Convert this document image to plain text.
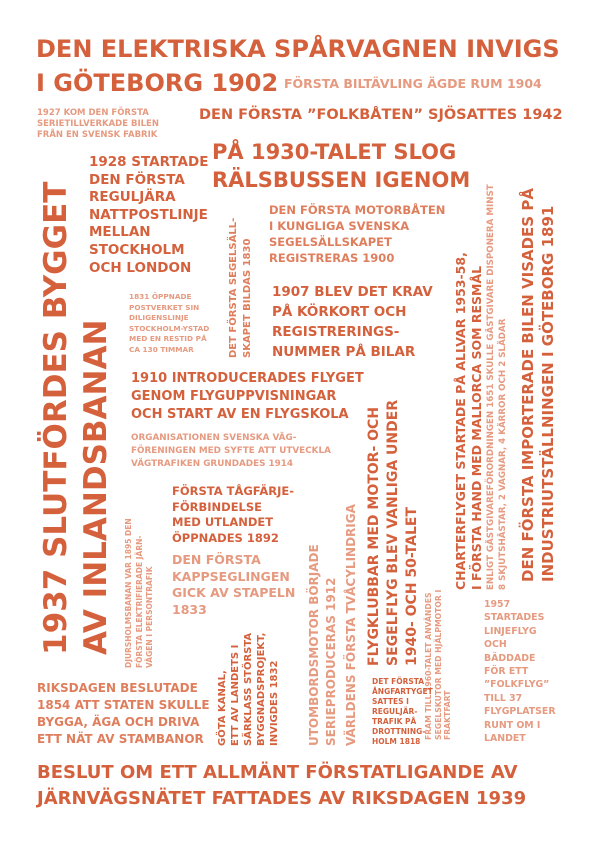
DEN ELEKTRISKA SPÅRVAGNEN INVIGS
I GÖTEBORG 1902 FÖRSTA BILTÄVLING ÄGDE RUM 1904

1927 KOM DEN FÖRSTA
SERIETILLVERKADE BILEN
FRÅN EN SVENSK FABRIK

DEN FÖRSTA ”FOLKBÅTEN” SJÖSATTES 1942

PÅ 1930-TALET SLOG
RÄLSBUSSEN IGENOM

1928 STARTADE
DEN FÖRSTA
REGULJÄRA
NATTPOSTLINJE
MELLAN
STOCKHOLM
OCH LONDON

DEN FÖRSTA MOTORBÅTEN
I KUNGLIGA SVENSKA
SEGELSÄLLSKAPET
REGISTRERAS 1900

1831 ÖPPNADE
POSTVERKET SIN
DILIGENSLINJE
STOCKHOLM-YSTAD
MED EN RESTID PÅ
CA 130 TIMMAR

1907 BLEV DET KRAV
PÅ KÖRKORT OCH
REGISTRERINGS-
NUMMER PÅ BILAR

1910 INTRODUCERADES FLYGET
GENOM FLYGUPPVISNINGAR
OCH START AV EN FLYGSKOLA

ORGANISATIONEN SVENSKA VÄG-
FÖRENINGEN MED SYFTE ATT UTVECKLA
VÄGTRAFIKEN GRUNDADES 1914

FÖRSTA TÅGFÄRJE-
FÖRBINDELSE
MED UTLANDET
ÖPPNADES 1892

DEN FÖRSTA
KAPPSEGLINGEN
GICK AV STAPELN
1833	1957
STARTADES
LINJEFLYG
OCH
BÄDDADE
FÖR ETT
”FOLKFLYG”
TILL 37
FLYGPLATSER
RUNT OM I
LANDET

RIKSDAGEN BESLUTADE
1854 ATT STATEN SKULLE
BYGGA, ÄGA OCH DRIVA
ETT NÄT AV STAMBANOR

BESLUT OM ETT ALLMÄNT FÖRSTATLIGANDE AV
JÄRNVÄGSNÄTET FATTADES AV RIKSDAGEN 1939

1937 SLUTFÖRDES BYGGET
AV INLANDSBANAN	DET FÖRSTA SEGELSÄLL-
SKAPET BILDAS 1830
DJURSHOLMSBANAN VAR 1895 DEN
FÖRSTA ELEKTRIFIERADE JÄRN-
VÄGEN I PERSONTRAFIK
GÖTA KANAL,
ETT AV LANDETS I
SÄRKLASS STÖRSTA
BYGGNADSPROJEKT,
INVIGDES 1832 UTOMBORDSMOTOR BÖRJADE
SERIEPRODUCERAS 1912 VÄRLDENS FÖRSTA TVÅCYLINDRIGA FLYGKLUBBAR MED MOTOR- OCH
SEGELFLYG BLEV VANLIGA UNDER
1940- OCH 50-TALET
FRAM TILL 1960-TALET ANVÄNDES
SEGELSKUTOR MED HJÄLPMOTOR I
FRAKTFART
CHARTERFLYGET STARTADE PÅ ALLVAR 1953-58,
I FÖRSTA HAND MED MALLORCA SOM RESMÅL
ENLIGT GÄSTGIVAREFÖRORDNINGEN 1651 SKULLE GÄSTGIVARE DISPONERA MINST
8 SKJUTSHÄSTAR, 2 VAGNAR, 4 KÄRROR OCH 2 SLÄDAR
DEN FÖRSTA IMPORTERADE BILEN VISADES PÅ
INDUSTRIUTSTÄLLNINGEN I GÖTEBORG 1891

DET FÖRSTA
ÅNGFARTYGET
SATTES I
REGULJÄR-
TRAFIK PÅ
DROTTNING-
HOLM 1818
